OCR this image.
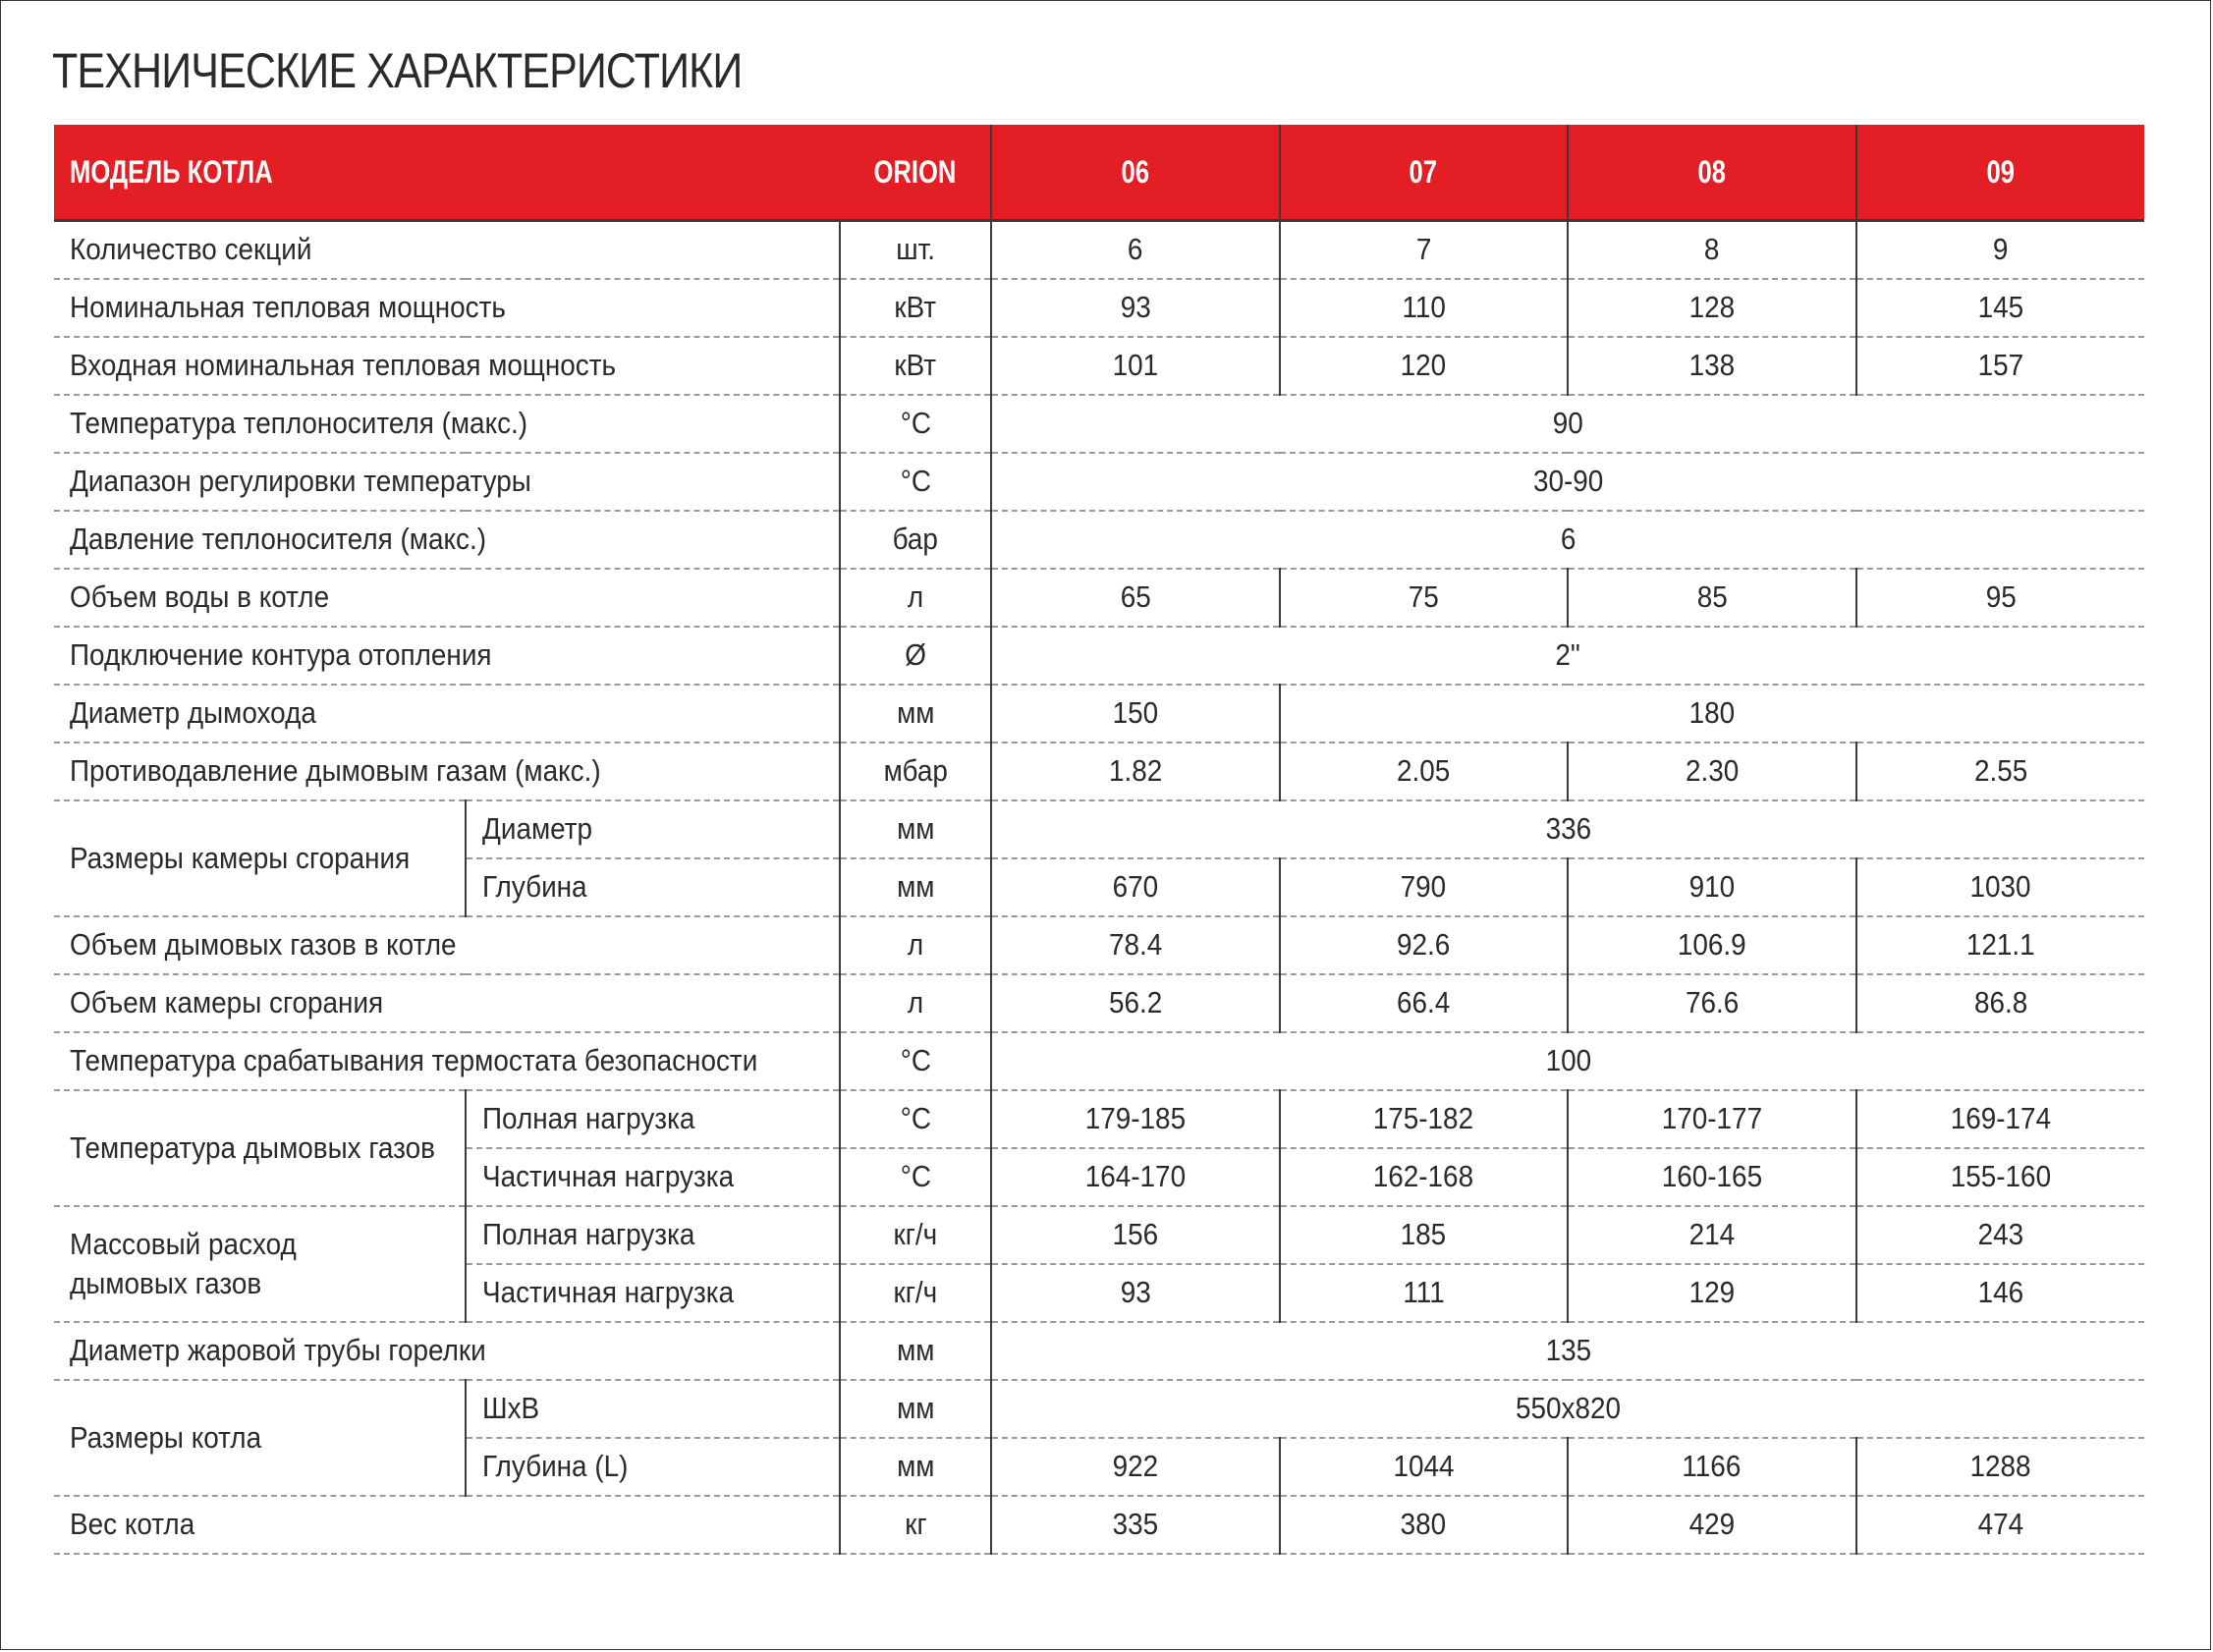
ТЕХНИЧЕСКИЕ ХАРАКТЕРИСТИКИ
МОДЕЛЬ КОТЛА		ORION	06	07	08	09
Количество секций		шт.	6	7	8	9
Номинальная тепловая мощность		кВт	93	110	128	145
Входная номинальная тепловая мощность		кВт	101	120	138	157
Температура теплоносителя (макс.)		°C	90			
Диапазон регулировки температуры		°C	30-90			
Давление теплоносителя (макс.)		бар	6			
Объем воды в котле		л	65	75	85	95
Подключение контура отопления		Ø	2"			
Диаметр дымохода		мм	150	180		
Противодавление дымовым газам (макс.)		мбар	1.82	2.05	2.30	2.55
Размеры камеры сгорания	Диаметр	мм	336			
	Глубина	мм	670	790	910	1030
Объем дымовых газов в котле		л	78.4	92.6	106.9	121.1
Объем камеры сгорания		л	56.2	66.4	76.6	86.8
Температура срабатывания термостата безопасности		°C	100			
Температура дымовых газов	Полная нагрузка	°C	179-185	175-182	170-177	169-174
	Частичная нагрузка	°C	164-170	162-168	160-165	155-160
Массовый расход
дымовых газов	Полная нагрузка	кг/ч	156	185	214	243
	Частичная нагрузка	кг/ч	93	111	129	146
Диаметр жаровой трубы горелки		мм	135			
Размеры котла	ШxB	мм	550x820			
	Глубина (L)	мм	922	1044	1166	1288
Вес котла		кг	335	380	429	474
